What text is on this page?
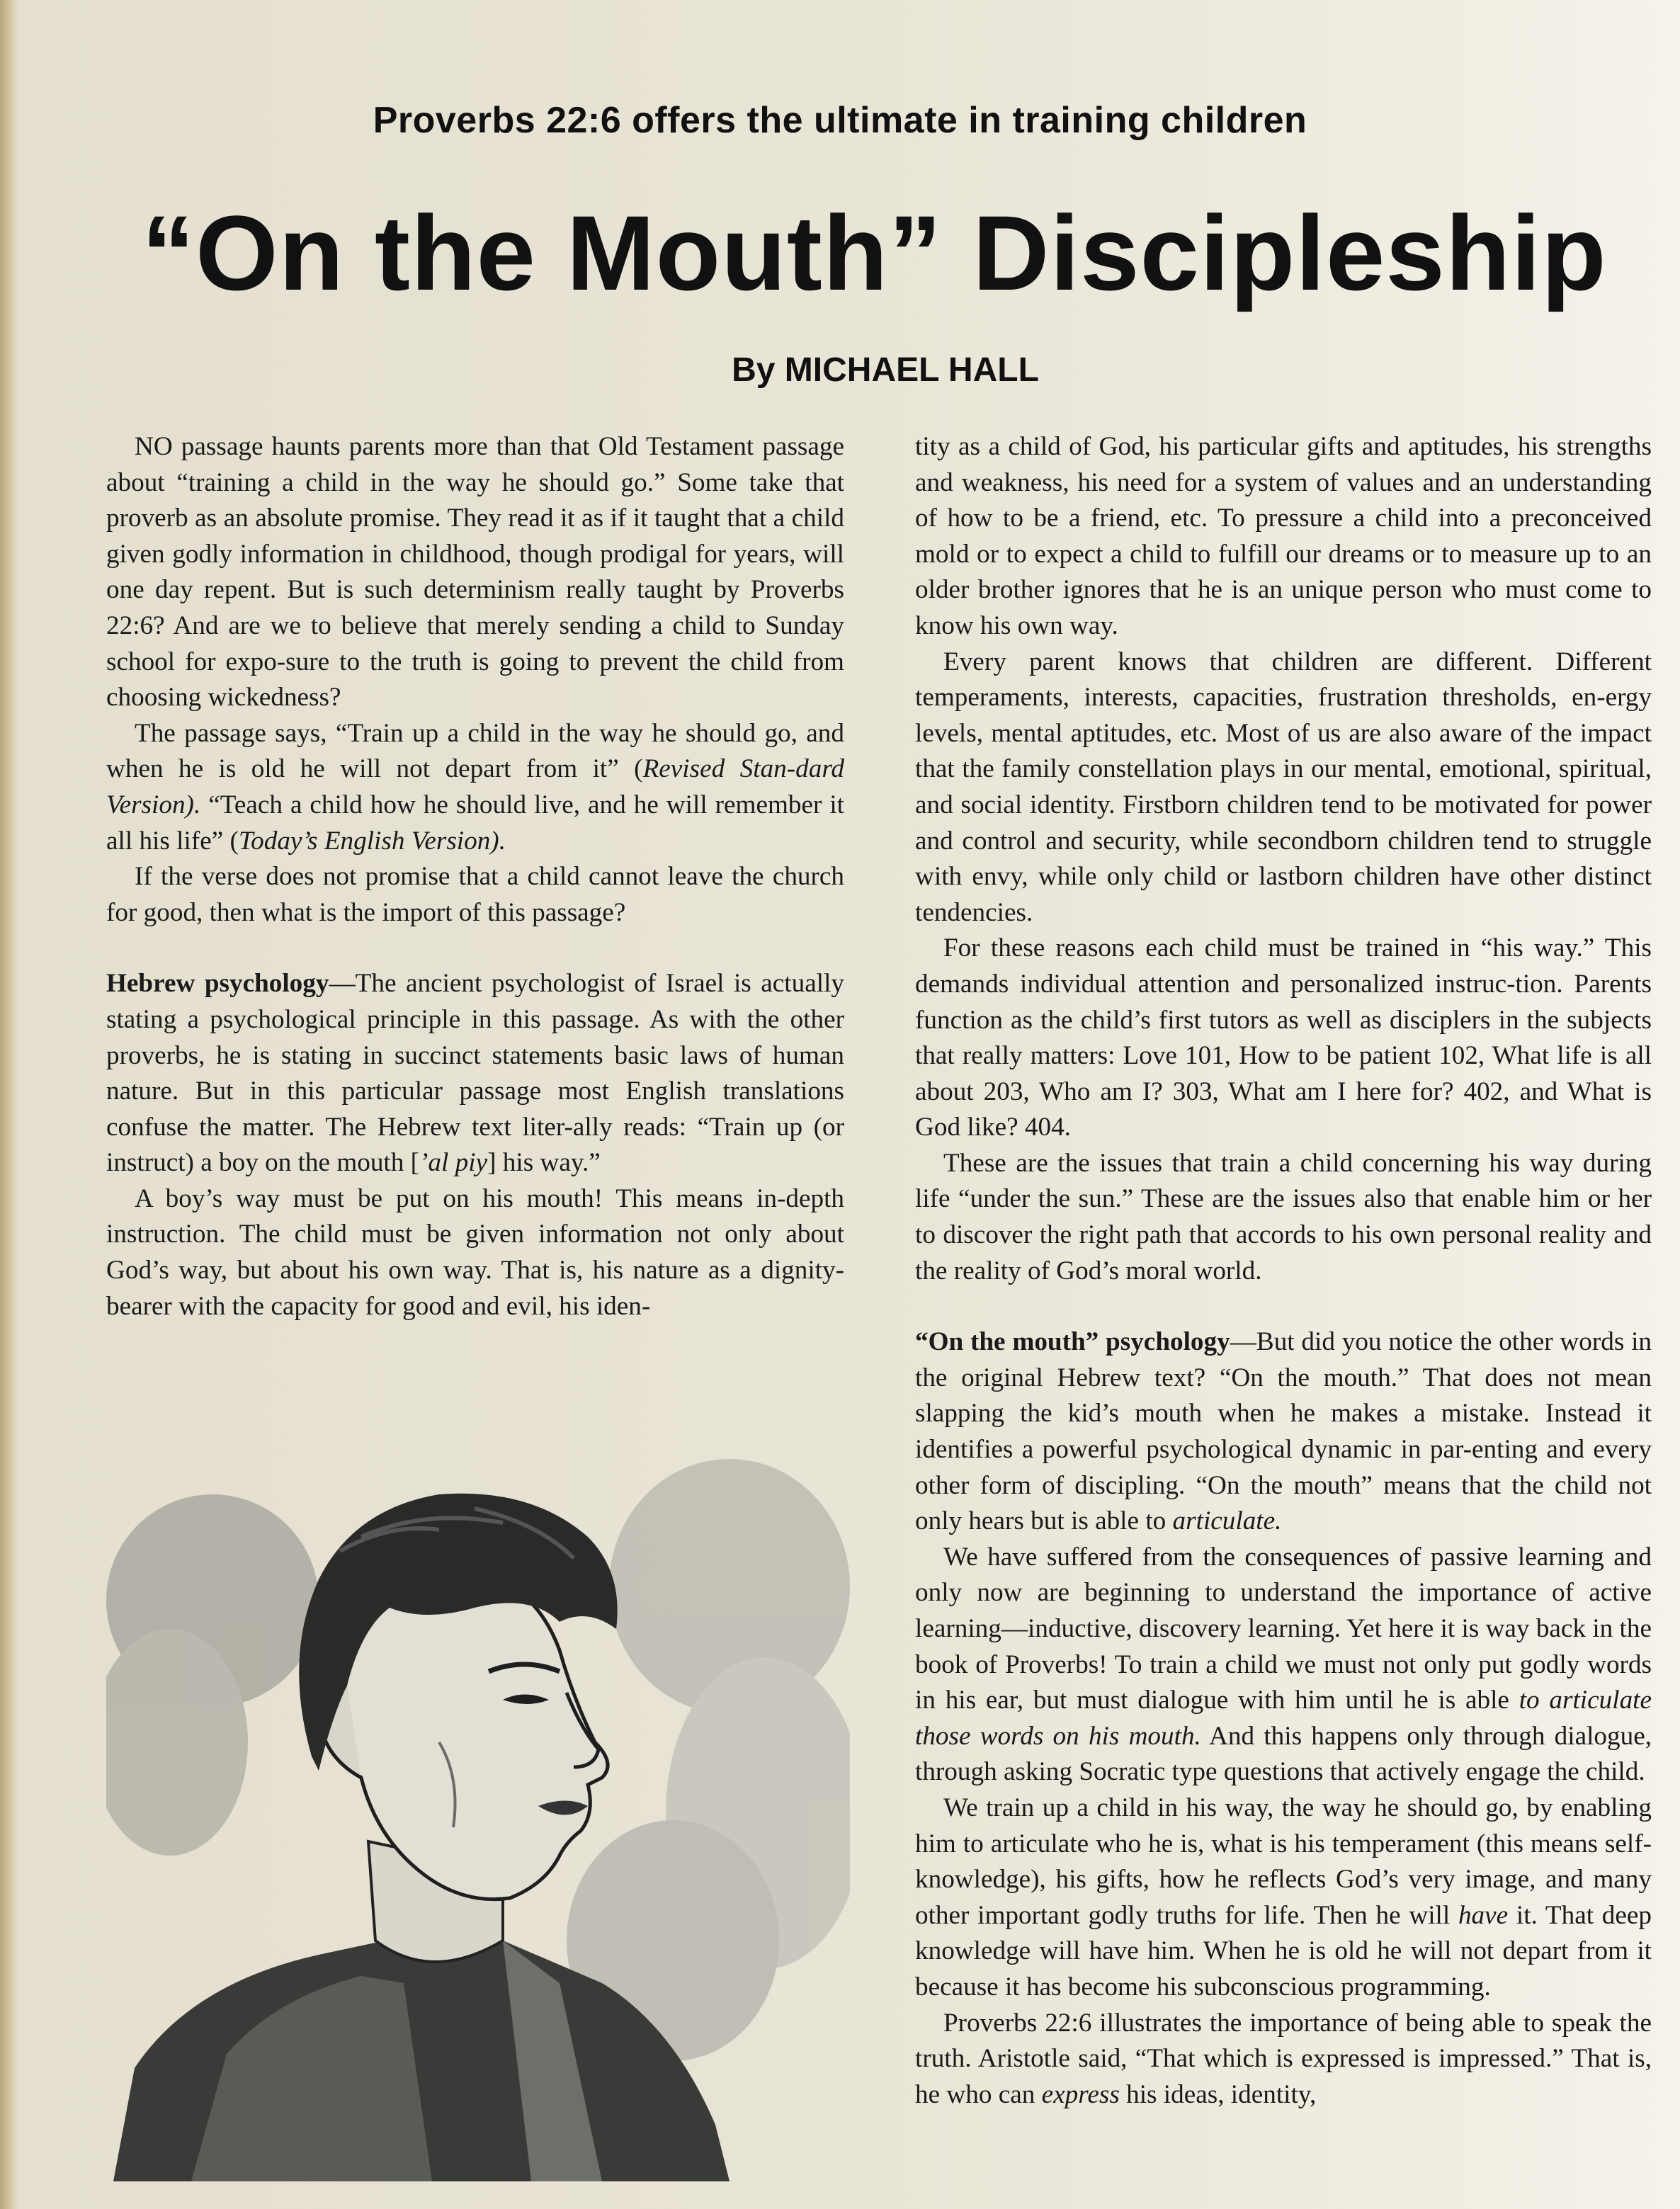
Proverbs 22:6 offers the ultimate in training children
“On the Mouth” Discipleship
By MICHAEL HALL

NO passage haunts parents more than that Old Testament passage about “training a child in the way he should go.” Some take that proverb as an absolute promise. They read it as if it taught that a child given godly information in childhood, though prodigal for years, will one day repent. But is such determinism really taught by Proverbs 22:6? And are we to believe that merely sending a child to Sunday school for expo-sure to the truth is going to prevent the child from choosing wickedness?

The passage says, “Train up a child in the way he should go, and when he is old he will not depart from it” (Revised Stan-dard Version). “Teach a child how he should live, and he will remember it all his life” (Today’s English Version).

If the verse does not promise that a child cannot leave the church for good, then what is the import of this passage?

Hebrew psychology—The ancient psychologist of Israel is actually stating a psychological principle in this passage. As with the other proverbs, he is stating in succinct statements basic laws of human nature. But in this particular passage most English translations confuse the matter. The Hebrew text liter-ally reads: “Train up (or instruct) a boy on the mouth [’al piy] his way.”

A boy’s way must be put on his mouth! This means in-depth instruction. The child must be given information not only about God’s way, but about his own way. That is, his nature as a dignity-bearer with the capacity for good and evil, his iden-

tity as a child of God, his particular gifts and aptitudes, his strengths and weakness, his need for a system of values and an understanding of how to be a friend, etc. To pressure a child into a preconceived mold or to expect a child to fulfill our dreams or to measure up to an older brother ignores that he is an unique person who must come to know his own way.

Every parent knows that children are different. Different temperaments, interests, capacities, frustration thresholds, en-ergy levels, mental aptitudes, etc. Most of us are also aware of the impact that the family constellation plays in our mental, emotional, spiritual, and social identity. Firstborn children tend to be motivated for power and control and security, while secondborn children tend to struggle with envy, while only child or lastborn children have other distinct tendencies.

For these reasons each child must be trained in “his way.” This demands individual attention and personalized instruc-tion. Parents function as the child’s first tutors as well as disciplers in the subjects that really matters: Love 101, How to be patient 102, What life is all about 203, Who am I? 303, What am I here for? 402, and What is God like? 404.

These are the issues that train a child concerning his way during life “under the sun.” These are the issues also that enable him or her to discover the right path that accords to his own personal reality and the reality of God’s moral world.

“On the mouth” psychology—But did you notice the other words in the original Hebrew text? “On the mouth.” That does not mean slapping the kid’s mouth when he makes a mistake. Instead it identifies a powerful psychological dynamic in par-enting and every other form of discipling. “On the mouth” means that the child not only hears but is able to articulate.

We have suffered from the consequences of passive learning and only now are beginning to understand the importance of active learning—inductive, discovery learning. Yet here it is way back in the book of Proverbs! To train a child we must not only put godly words in his ear, but must dialogue with him until he is able to articulate those words on his mouth. And this happens only through dialogue, through asking Socratic type questions that actively engage the child.

We train up a child in his way, the way he should go, by enabling him to articulate who he is, what is his temperament (this means self-knowledge), his gifts, how he reflects God’s very image, and many other important godly truths for life. Then he will have it. That deep knowledge will have him. When he is old he will not depart from it because it has become his subconscious programming.

Proverbs 22:6 illustrates the importance of being able to speak the truth. Aristotle said, “That which is expressed is impressed.” That is, he who can express his ideas, identity,
